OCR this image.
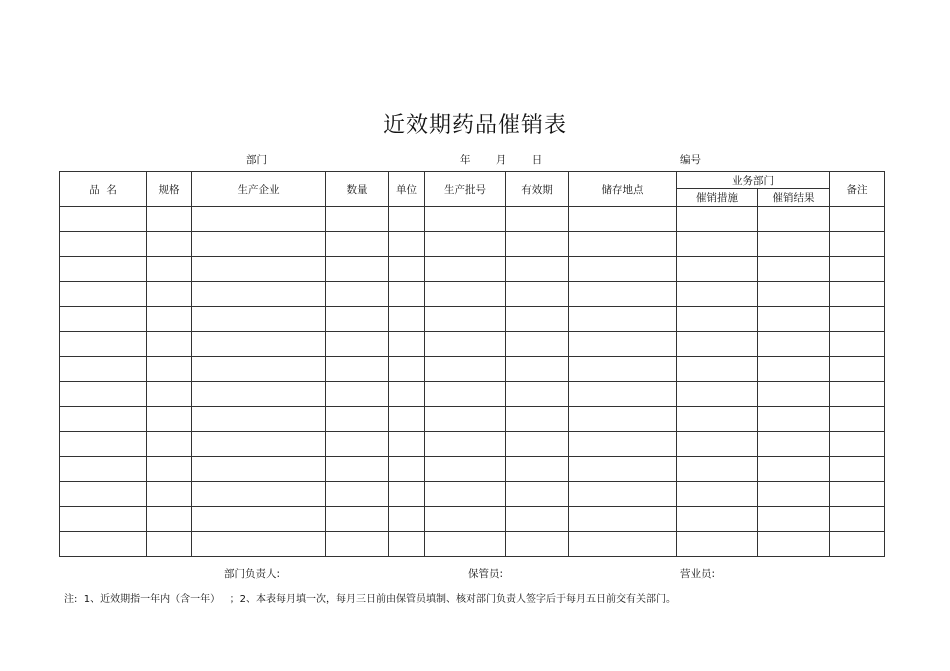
近效期药品催销表
部门	年 月 日	编号
品  名	规格	生产企业	数量	单位	生产批号	有效期	储存地点	业务部门		备注
								催销措施	催销结果	

部门负责人:	保管员:	营业员:
注:  1、近效期指一年内（含一年）   ；2、本表每月填一次，每月三日前由保管员填制、核对部门负责人签字后于每月五日前交有关部门。
